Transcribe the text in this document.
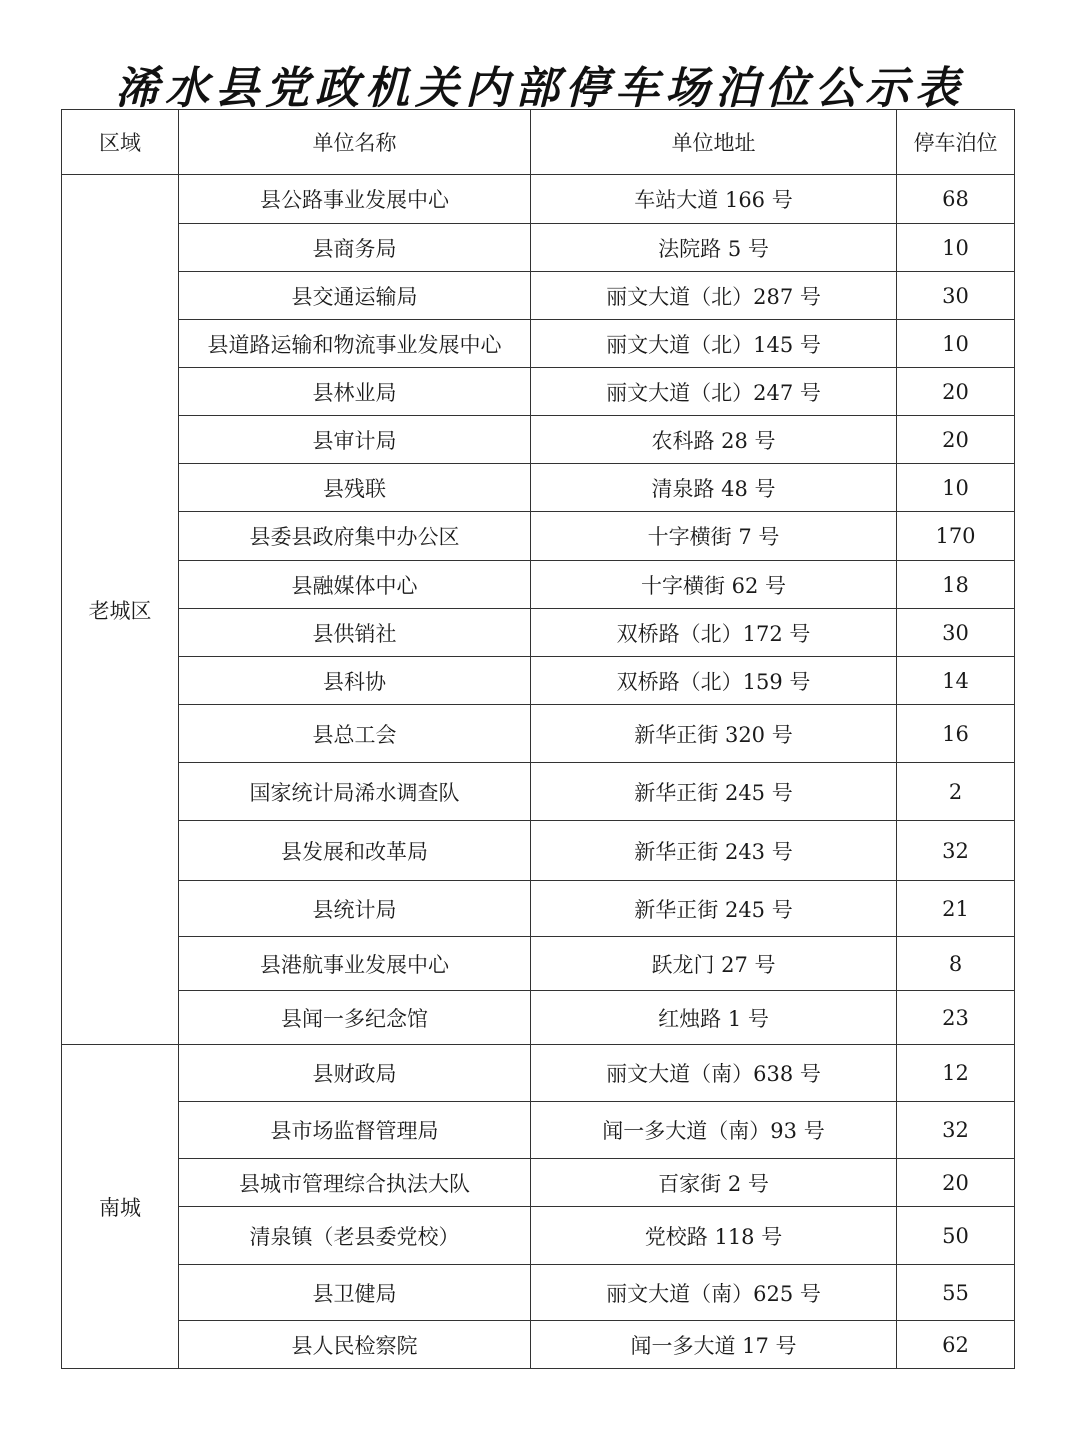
浠水县党政机关内部停车场泊位公示表
区域	单位名称	单位地址	停车泊位
老城区	县公路事业发展中心	车站大道 166 号	68
	县商务局	法院路 5 号	10
	县交通运输局	丽文大道（北）287 号	30
	县道路运输和物流事业发展中心	丽文大道（北）145 号	10
	县林业局	丽文大道（北）247 号	20
	县审计局	农科路 28 号	20
	县残联	清泉路 48 号	10
	县委县政府集中办公区	十字横街 7 号	170
	县融媒体中心	十字横街 62 号	18
	县供销社	双桥路（北）172 号	30
	县科协	双桥路（北）159 号	14
	县总工会	新华正街 320 号	16
	国家统计局浠水调查队	新华正街 245 号	2
	县发展和改革局	新华正街 243 号	32
	县统计局	新华正街 245 号	21
	县港航事业发展中心	跃龙门 27 号	8
	县闻一多纪念馆	红烛路 1 号	23
南城	县财政局	丽文大道（南）638 号	12
	县市场监督管理局	闻一多大道（南）93 号	32
	县城市管理综合执法大队	百家街 2 号	20
	清泉镇（老县委党校）	党校路 118 号	50
	县卫健局	丽文大道（南）625 号	55
	县人民检察院	闻一多大道 17 号	62
